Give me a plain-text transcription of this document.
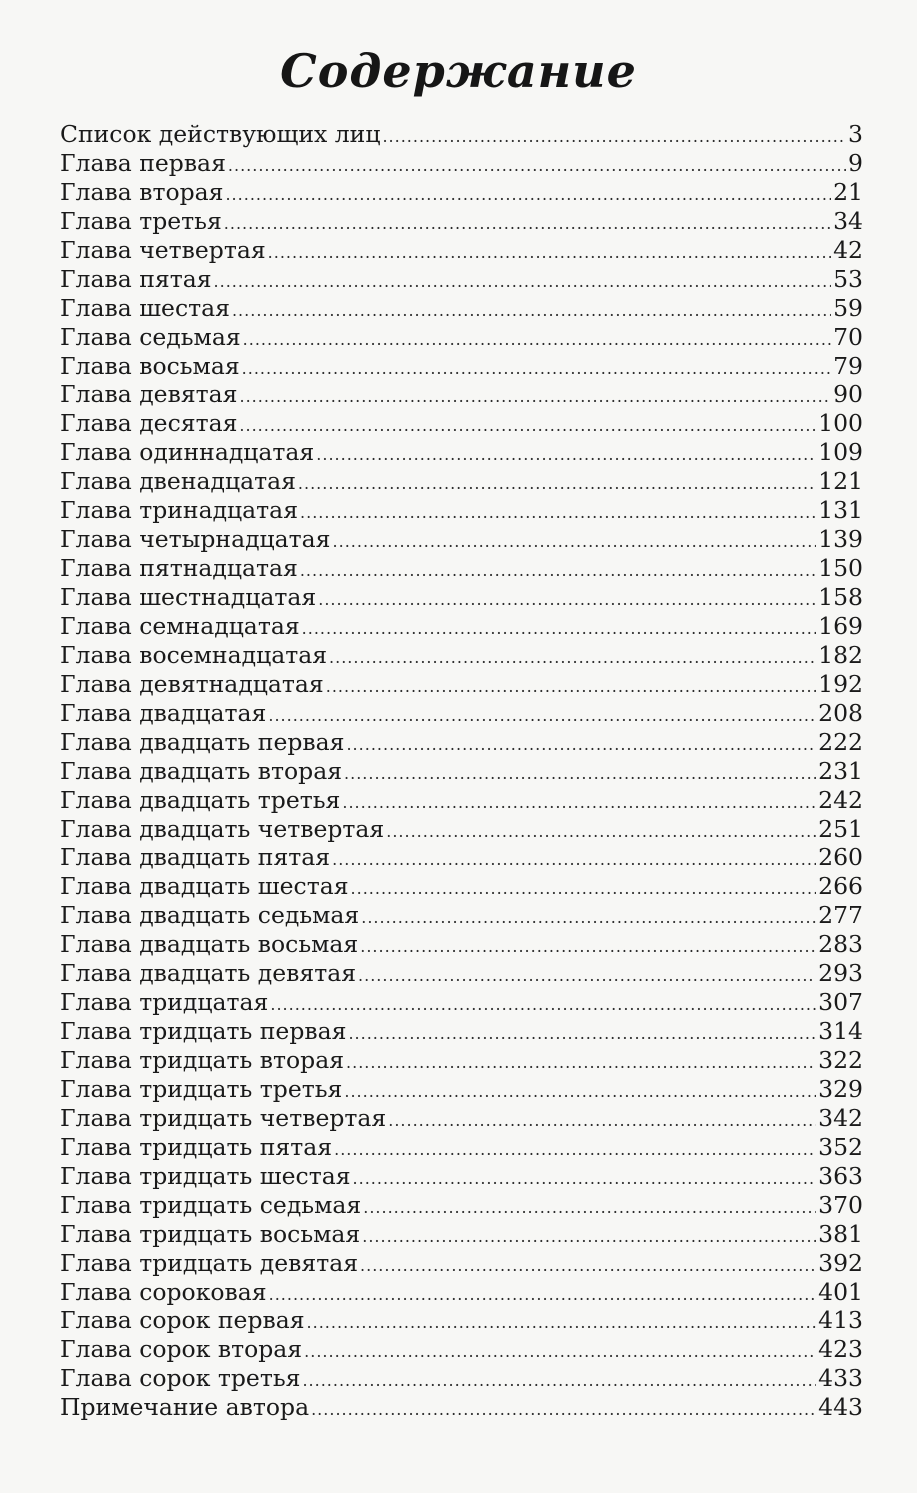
Содержание
Список действующих лиц .....	3
Глава первая .....	9
Глава вторая .....	21
Глава третья .....	34
Глава четвертая .....	42
Глава пятая .....	53
Глава шестая .....	59
Глава седьмая .....	70
Глава восьмая .....	79
Глава девятая .....	90
Глава десятая .....	100
Глава одиннадцатая .....	109
Глава двенадцатая .....	121
Глава тринадцатая .....	131
Глава четырнадцатая .....	139
Глава пятнадцатая .....	150
Глава шестнадцатая .....	158
Глава семнадцатая .....	169
Глава восемнадцатая .....	182
Глава девятнадцатая .....	192
Глава двадцатая .....	208
Глава двадцать первая .....	222
Глава двадцать вторая .....	231
Глава двадцать третья .....	242
Глава двадцать четвертая .....	251
Глава двадцать пятая .....	260
Глава двадцать шестая .....	266
Глава двадцать седьмая .....	277
Глава двадцать восьмая .....	283
Глава двадцать девятая .....	293
Глава тридцатая .....	307
Глава тридцать первая .....	314
Глава тридцать вторая .....	322
Глава тридцать третья .....	329
Глава тридцать четвертая .....	342
Глава тридцать пятая .....	352
Глава тридцать шестая .....	363
Глава тридцать седьмая .....	370
Глава тридцать восьмая .....	381
Глава тридцать девятая .....	392
Глава сороковая .....	401
Глава сорок первая .....	413
Глава сорок вторая .....	423
Глава сорок третья .....	433
Примечание автора .....	443
